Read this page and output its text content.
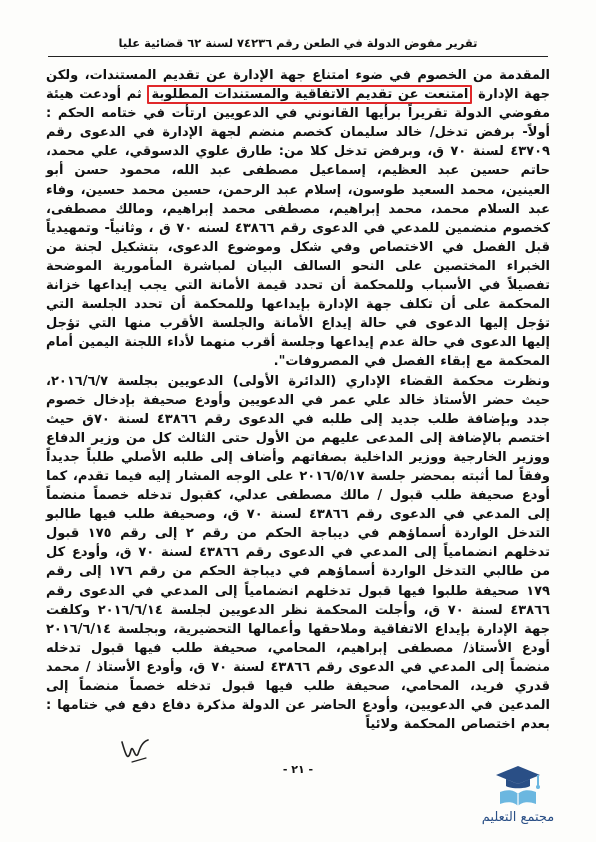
تقرير مفوض الدولة في الطعن رقم ٧٤٢٣٦ لسنة ٦٢ قضائية عليا

المقدمة من الخصوم في ضوء امتناع جهة الإدارة عن تقديم المستندات، ولكن جهة الإدارة امتنعت عن تقديم الاتفاقية والمستندات المطلوبة ثم أودعت هيئة مفوضي الدولة تقريراً برأيها القانوني في الدعويين ارتأت في ختامه الحكم : أولاً- برفض تدخل/ خالد سليمان كخصم منضم لجهة الإدارة في الدعوى رقم ٤٣٧٠٩ لسنة ٧٠ ق، وبرفض تدخل كلا من: طارق علوي الدسوقي، علي محمد، حاتم حسين عبد العظيم، إسماعيل مصطفى عبد الله، محمود حسن أبو العينين، محمد السعيد طوسون، إسلام عبد الرحمن، حسين محمد حسين، وفاء عبد السلام محمد، محمد إبراهيم، مصطفى محمد إبراهيم، ومالك مصطفى، كخصوم منضمين للمدعي في الدعوى رقم ٤٣٨٦٦ لسنه ٧٠ ق ، وثانياً- وتمهيدياً قبل الفصل في الاختصاص وفي شكل وموضوع الدعوى، بتشكيل لجنة من الخبراء المختصين على النحو السالف البيان لمباشرة المأمورية الموضحة تفصيلاً في الأسباب وللمحكمة أن تحدد قيمة الأمانة التي يجب إيداعها خزانة المحكمة على أن تكلف جهة الإدارة بإيداعها وللمحكمة أن تحدد الجلسة التي تؤجل إليها الدعوى في حالة إيداع الأمانة والجلسة الأقرب منها التي تؤجل إليها الدعوى في حالة عدم إيداعها وجلسة أقرب منهما لأداء اللجنة اليمين أمام المحكمة مع إبقاء الفصل في المصروفات".

ونظرت محكمة القضاء الإداري (الدائرة الأولى) الدعويين بجلسة ٢٠١٦/٦/٧، حيث حضر الأستاذ خالد علي عمر في الدعويين وأودع صحيفة بإدخال خصوم جدد وبإضافة طلب جديد إلى طلبه في الدعوى رقم ٤٣٨٦٦ لسنة ٧٠ق حيث اختصم بالإضافة إلى المدعى عليهم من الأول حتى الثالث كل من وزير الدفاع ووزير الخارجية ووزير الداخلية بصفاتهم وأضاف إلى طلبه الأصلي طلباً جديداً وفقاً لما أثبته بمحضر جلسة ٢٠١٦/٥/١٧ على الوجه المشار إليه فيما تقدم، كما أودع صحيفة طلب قبول / مالك مصطفى عدلي، كقبول تدخله خصماً منضماً إلى المدعي في الدعوى رقم ٤٣٨٦٦ لسنة ٧٠ ق، وصحيفة طلب فيها طالبو التدخل الواردة أسماؤهم في ديباجة الحكم من رقم ٢ إلى رقم ١٧٥ قبول تدخلهم انضمامياً إلى المدعي في الدعوى رقم ٤٣٨٦٦ لسنة ٧٠ ق، وأودع كل من طالبي التدخل الواردة أسماؤهم في ديباجة الحكم من رقم ١٧٦ إلى رقم ١٧٩ صحيفة طلبوا فيها قبول تدخلهم انضمامياً إلى المدعي في الدعوى رقم ٤٣٨٦٦ لسنة ٧٠ ق، وأجلت المحكمة نظر الدعويين لجلسة ٢٠١٦/٦/١٤ وكلفت جهة الإدارة بإيداع الاتفاقية وملاحقها وأعمالها التحضيرية، وبجلسة ٢٠١٦/٦/١٤ أودع الأستاذ/ مصطفى إبراهيم، المحامي، صحيفة طلب فيها قبول تدخله منضماً إلى المدعي في الدعوى رقم ٤٣٨٦٦ لسنة ٧٠ ق، وأودع الأستاذ / محمد قدري فريد، المحامي، صحيفة طلب فيها قبول تدخله خصماً منضماً إلى المدعين في الدعويين، وأودع الحاضر عن الدولة مذكرة دفاع دفع في ختامها : بعدم اختصاص المحكمة ولائياً

- ٢١ -
مجتمع التعليم
